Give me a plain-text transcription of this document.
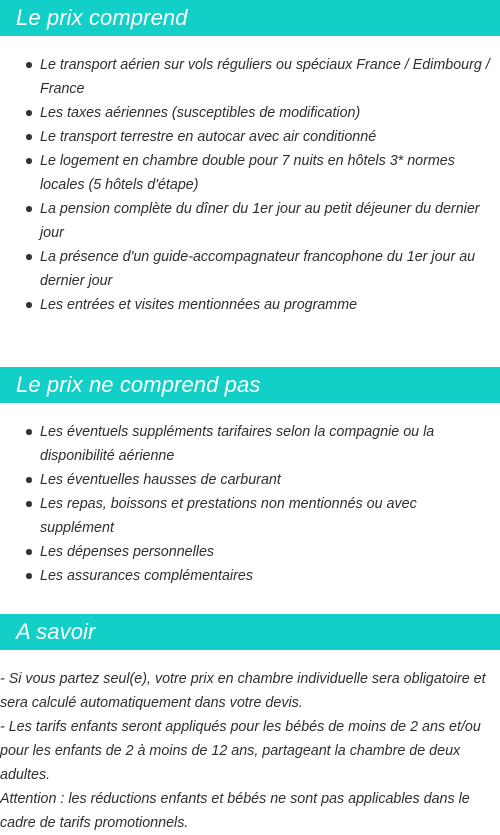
Le prix comprend
Le transport aérien sur vols réguliers ou spéciaux France / Edimbourg / France
Les taxes aériennes (susceptibles de modification)
Le transport terrestre en autocar avec air conditionné
Le logement en chambre double pour 7 nuits en hôtels 3* normes locales (5 hôtels d'étape)
La pension complète du dîner du 1er jour au petit déjeuner du dernier jour
La présence d'un guide-accompagnateur francophone du 1er jour au dernier jour
Les entrées et visites mentionnées au programme
Le prix ne comprend pas
Les éventuels suppléments tarifaires selon la compagnie ou la disponibilité aérienne
Les éventuelles hausses de carburant
Les repas, boissons et prestations non mentionnés ou avec supplément
Les dépenses personnelles
Les assurances complémentaires
A savoir

- Si vous partez seul(e), votre prix en chambre individuelle sera obligatoire et sera calculé automatiquement dans votre devis.

- Les tarifs enfants seront appliqués pour les bébés de moins de 2 ans et/ou pour les enfants de 2 à moins de 12 ans, partageant la chambre de deux adultes.

Attention : les réductions enfants et bébés ne sont pas applicables dans le cadre de tarifs promotionnels.
